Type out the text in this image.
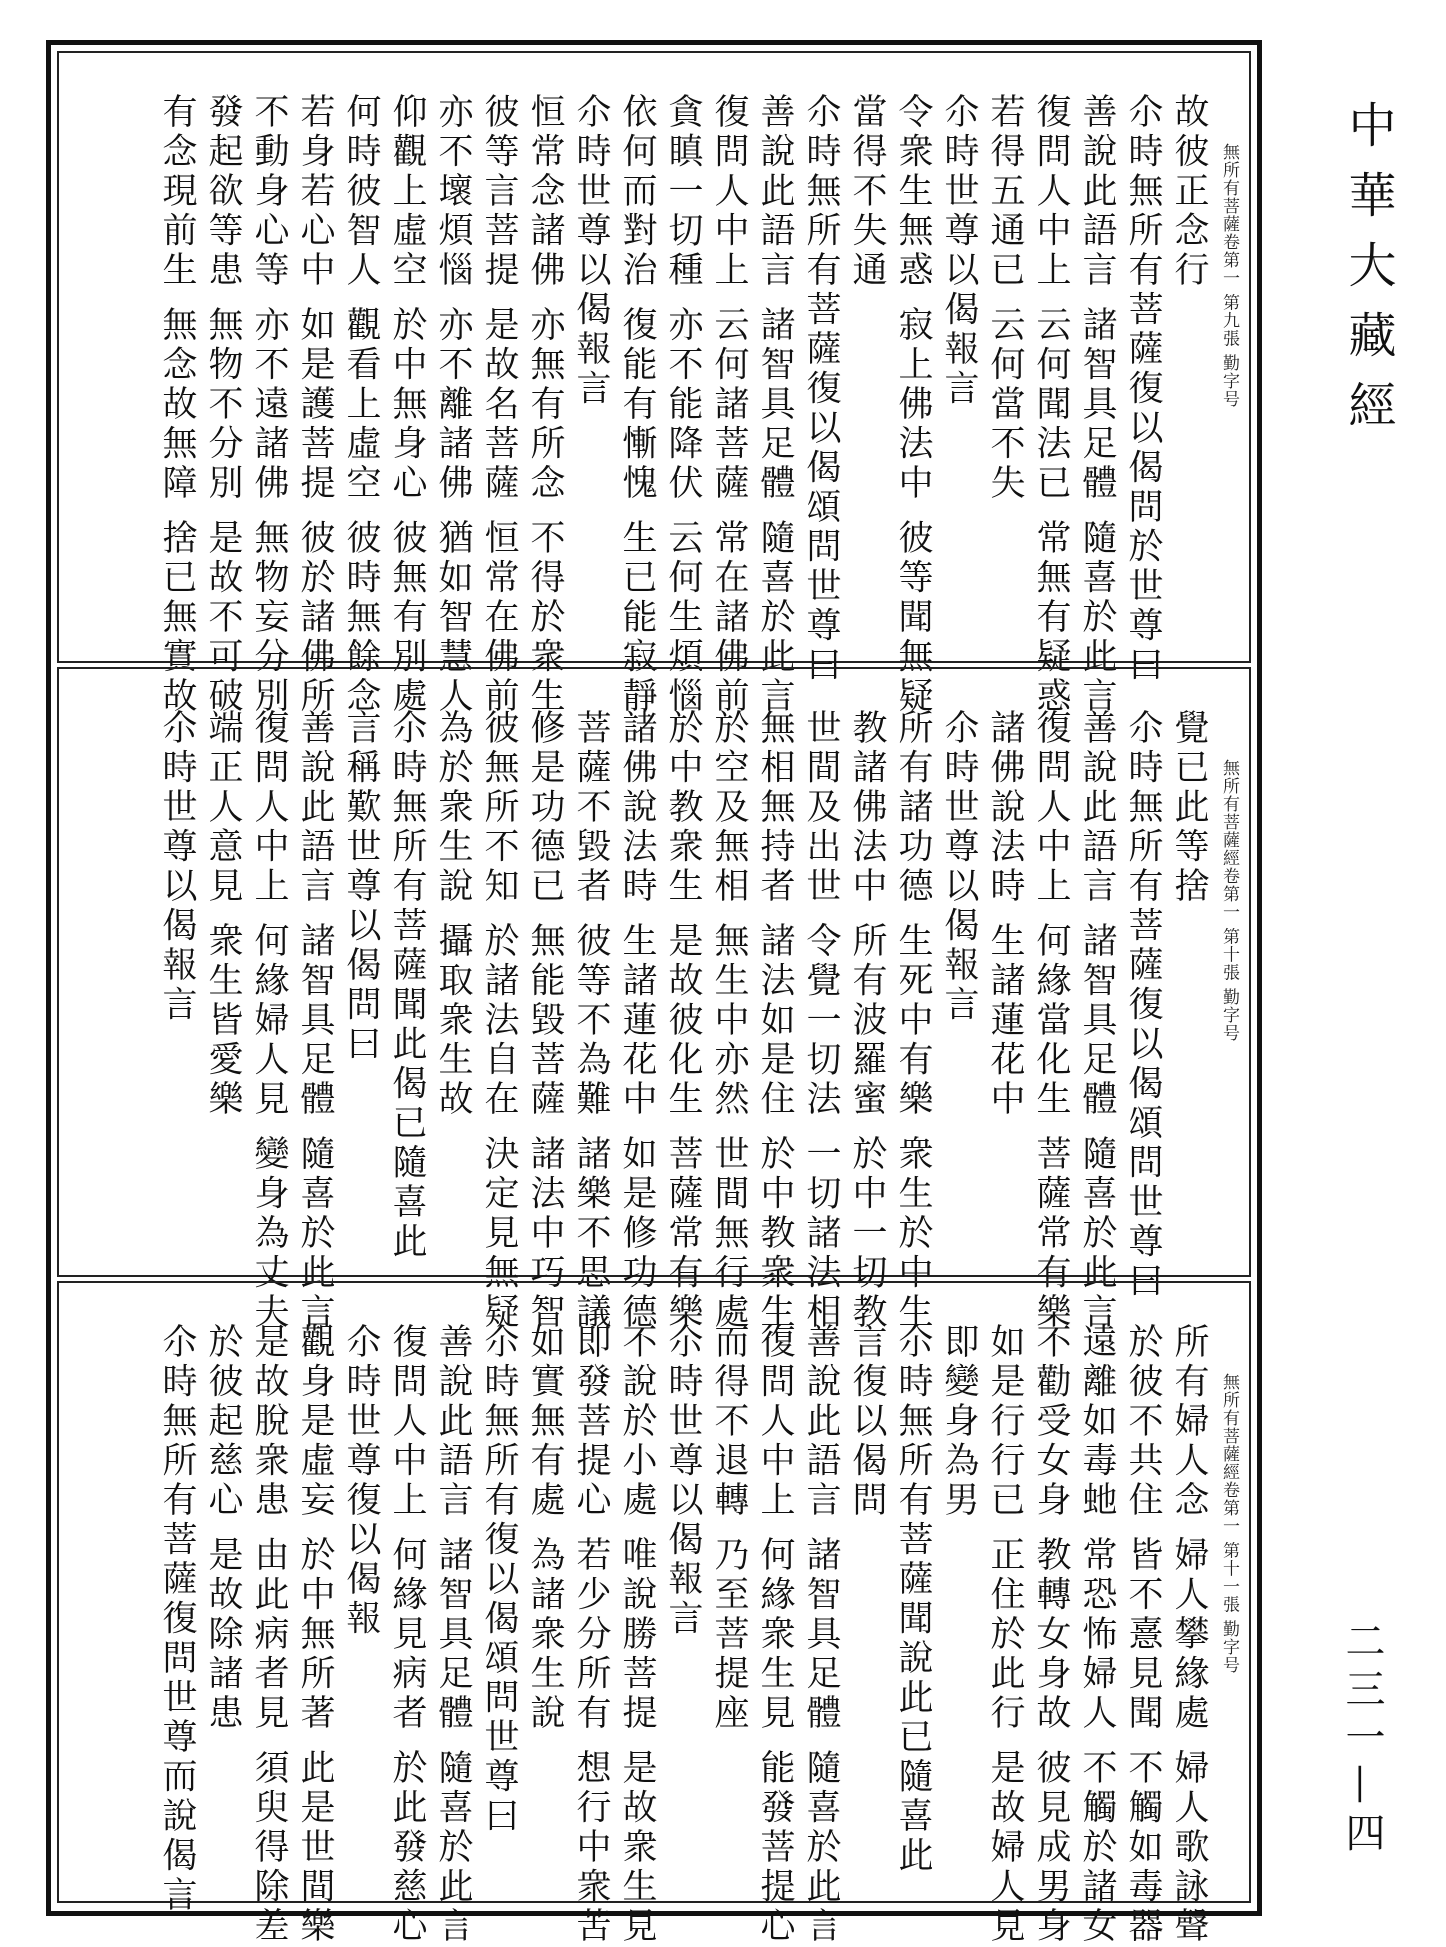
無所有菩薩卷第一 第九張 勤字号
故彼正念行
尒時無所有菩薩復以偈問於世尊曰
善說此語言 諸智具足體 隨喜於此言
復問人中上 云何聞法已 常無有疑惑
若得五通已 云何當不失
尒時世尊以偈報言
令衆生無惑 寂上佛法中 彼等聞無疑
當得不失通
尒時無所有菩薩復以偈頌問世尊曰
善說此語言 諸智具足體 隨喜於此言
復問人中上 云何諸菩薩 常在諸佛前
貪瞋一切種 亦不能降伏 云何生煩惱
依何而對治 復能有慚愧 生已能寂靜
尒時世尊以偈報言
恒常念諸佛 亦無有所念 不得於衆生
彼等言菩提 是故名菩薩 恒常在佛前
亦不壞煩惱 亦不離諸佛 猶如智慧人
仰觀上虛空 於中無身心 彼無有別處
何時彼智人 觀看上虛空 彼時無餘念
若身若心中 如是護菩提 彼於諸佛所
不動身心等 亦不遠諸佛 無物妄分別
發起欲等患 無物不分別 是故不可破
有念現前生 無念故無障 捨已無實故
無所有菩薩經卷第一 第十張 勤字号
覺已此等捨
尒時無所有菩薩復以偈頌問世尊曰
善說此語言 諸智具足體 隨喜於此言
復問人中上 何緣當化生 菩薩常有樂
諸佛說法時 生諸蓮花中
尒時世尊以偈報言
所有諸功德 生死中有樂 衆生於中生
教諸佛法中 所有波羅蜜 於中一切教
世間及出世 令覺一切法 一切諸法相
無相無持者 諸法如是住 於中教衆生
於空及無相 無生中亦然 世間無行處
於中教衆生 是故彼化生 菩薩常有樂
諸佛說法時 生諸蓮花中 如是修功德
菩薩不毀者 彼等不為難 諸樂不思議
修是功德已 無能毀菩薩 諸法中巧智
彼無所不知 於諸法自在 決定見無疑
為於衆生說 攝取衆生故
尒時無所有菩薩聞此偈已隨喜此
言稱歎世尊以偈問曰
善說此語言 諸智具足體 隨喜於此言
復問人中上 何緣婦人見 變身為丈夫
端正人意見 衆生皆愛樂
尒時世尊以偈報言
無所有菩薩經卷第一 第十一張 勤字号
所有婦人念 婦人攀緣處 婦人歌詠聲
於彼不共住 皆不憙見聞 不觸如毒器
遠離如毒虵 常恐怖婦人 不觸於諸女
不勸受女身 教轉女身故 彼見成男身
如是行行已 正住於此行 是故婦人見
即變身為男
尒時無所有菩薩聞說此已隨喜此
言復以偈問
善說此語言 諸智具足體 隨喜於此言
復問人中上 何緣衆生見 能發菩提心
而得不退轉 乃至菩提座
尒時世尊以偈報言
不說於小處 唯說勝菩提 是故衆生見
即發菩提心 若少分所有 想行中衆苦
如實無有處 為諸衆生說
尒時無所有復以偈頌問世尊曰
善說此語言 諸智具足體 隨喜於此言
復問人中上 何緣見病者 於此發慈心
尒時世尊復以偈報
觀身是虛妄 於中無所著 此是世間樂
是故脫衆患 由此病者見 須臾得除差
於彼起慈心 是故除諸患
尒時無所有菩薩復問世尊而說偈言
中華大藏經
二三一—四
